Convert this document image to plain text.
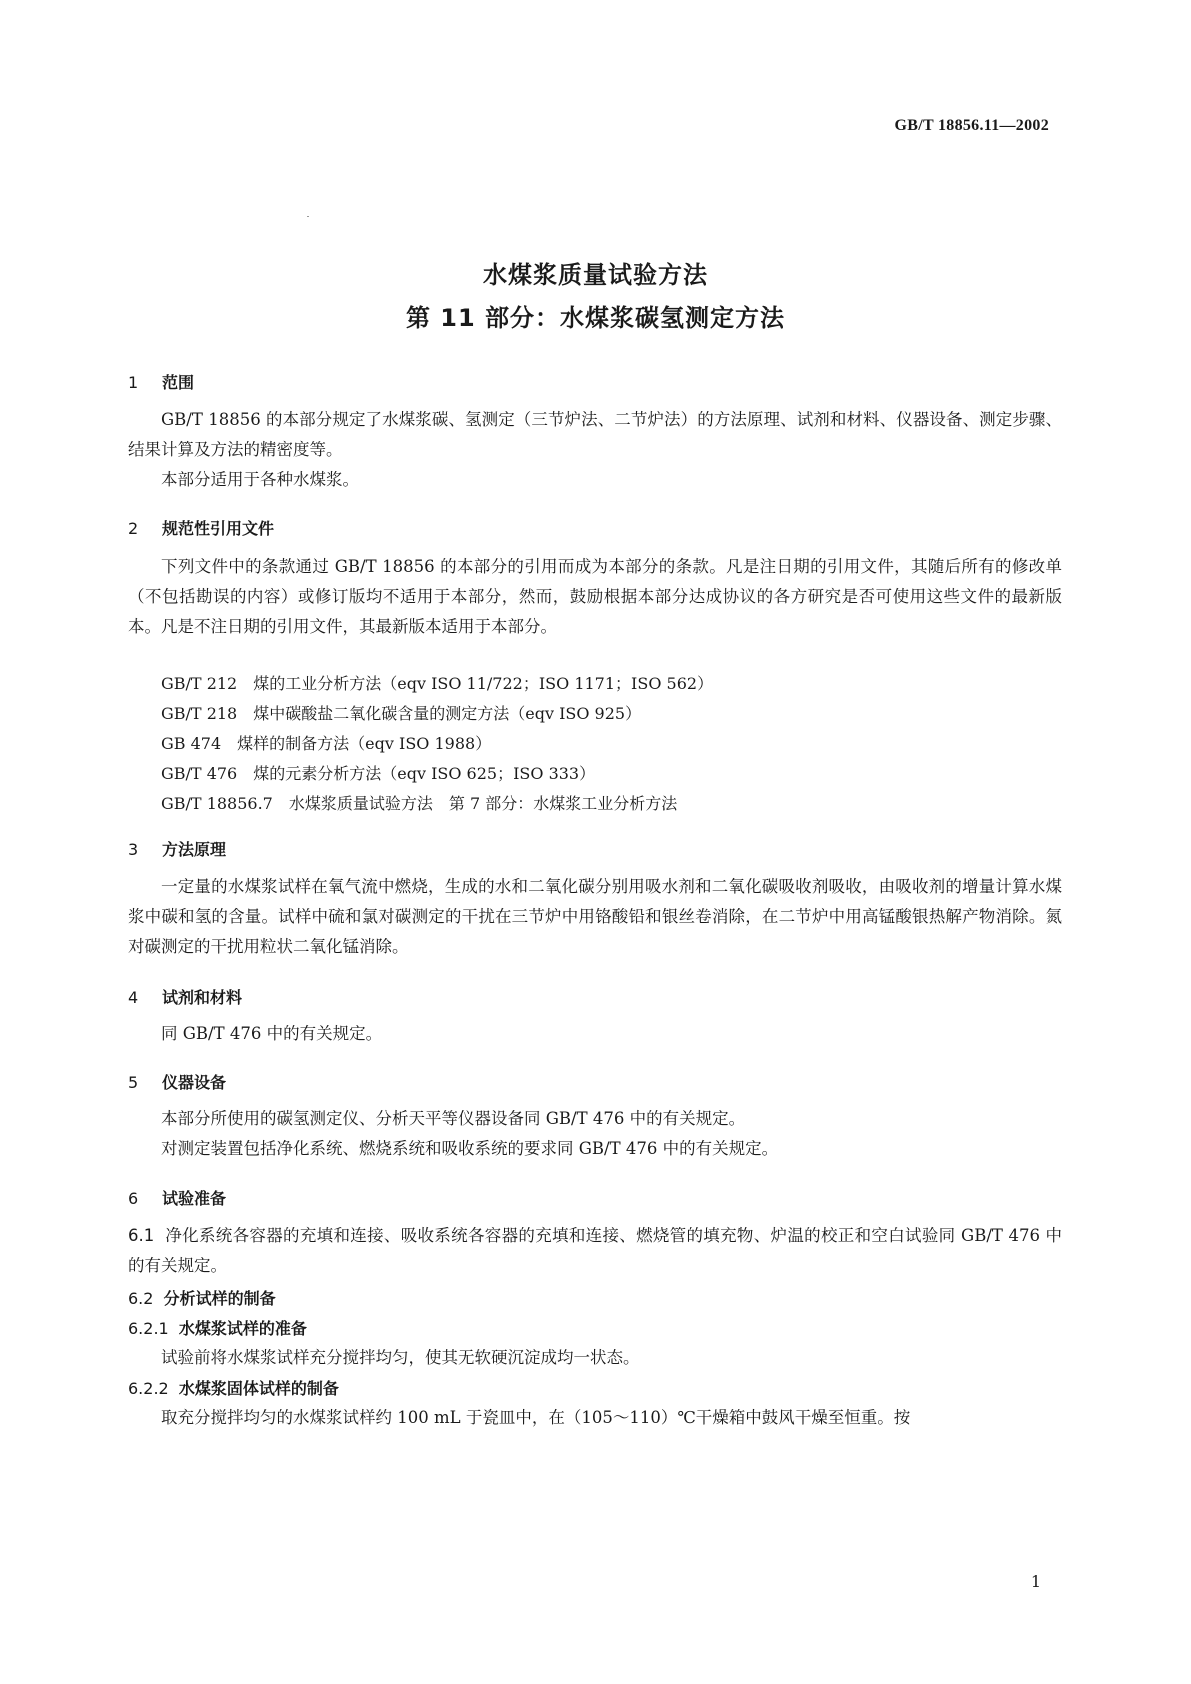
GB/T 18856.11—2002
水煤浆质量试验方法
第 11 部分：水煤浆碳氢测定方法
1 范围
GB/T 18856 的本部分规定了水煤浆碳、氢测定（三节炉法、二节炉法）的方法原理、试剂和材料、仪器设备、测定步骤、结果计算及方法的精密度等。
本部分适用于各种水煤浆。
2 规范性引用文件
下列文件中的条款通过 GB/T 18856 的本部分的引用而成为本部分的条款。凡是注日期的引用文件，其随后所有的修改单（不包括勘误的内容）或修订版均不适用于本部分，然而，鼓励根据本部分达成协议的各方研究是否可使用这些文件的最新版本。凡是不注日期的引用文件，其最新版本适用于本部分。
GB/T 212　煤的工业分析方法（eqv ISO 11/722；ISO 1171；ISO 562）
GB/T 218　煤中碳酸盐二氧化碳含量的测定方法（eqv ISO 925）
GB 474　煤样的制备方法（eqv ISO 1988）
GB/T 476　煤的元素分析方法（eqv ISO 625；ISO 333）
GB/T 18856.7　水煤浆质量试验方法　第 7 部分：水煤浆工业分析方法
3 方法原理
一定量的水煤浆试样在氧气流中燃烧，生成的水和二氧化碳分别用吸水剂和二氧化碳吸收剂吸收，由吸收剂的增量计算水煤浆中碳和氢的含量。试样中硫和氯对碳测定的干扰在三节炉中用铬酸铅和银丝卷消除，在二节炉中用高锰酸银热解产物消除。氮对碳测定的干扰用粒状二氧化锰消除。
4 试剂和材料
同 GB/T 476 中的有关规定。
5 仪器设备
本部分所使用的碳氢测定仪、分析天平等仪器设备同 GB/T 476 中的有关规定。
对测定装置包括净化系统、燃烧系统和吸收系统的要求同 GB/T 476 中的有关规定。
6 试验准备
6.1 净化系统各容器的充填和连接、吸收系统各容器的充填和连接、燃烧管的填充物、炉温的校正和空白试验同 GB/T 476 中的有关规定。
6.2 分析试样的制备
6.2.1 水煤浆试样的准备
试验前将水煤浆试样充分搅拌均匀，使其无软硬沉淀成均一状态。
6.2.2 水煤浆固体试样的制备
取充分搅拌均匀的水煤浆试样约 100 mL 于瓷皿中，在（105～110）℃干燥箱中鼓风干燥至恒重。按
1
